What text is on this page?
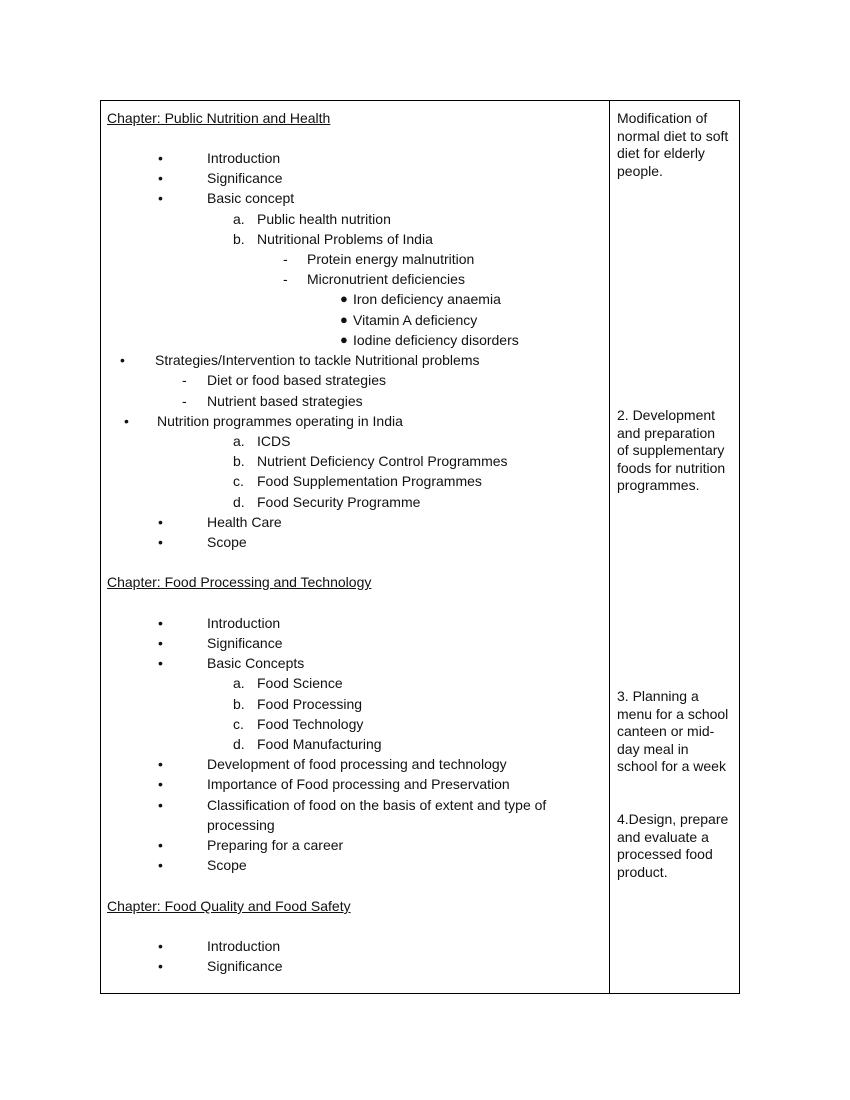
Chapter: Public Nutrition and Health
•	Introduction
•	Significance
•	Basic concept
a. Public health nutrition
b. Nutritional Problems of India
- Protein energy malnutrition
- Micronutrient deficiencies
● Iron deficiency anaemia
● Vitamin A deficiency
● Iodine deficiency disorders
• Strategies/Intervention to tackle Nutritional problems
- Diet or food based strategies
- Nutrient based strategies
• Nutrition programmes operating in India
a. ICDS
b. Nutrient Deficiency Control Programmes
c. Food Supplementation Programmes
d. Food Security Programme
•	Health Care
•	Scope
Chapter: Food Processing and Technology
•	Introduction
•	Significance
•	Basic Concepts
a. Food Science
b. Food Processing
c. Food Technology
d. Food Manufacturing
•	Development of food processing and technology
•	Importance of Food processing and Preservation
•	Classification of food on the basis of extent and type of
processing
•	Preparing for a career
•	Scope
Chapter: Food Quality and Food Safety
•	Introduction
•	Significance
Modification of normal diet to soft diet for elderly people.
2. Development and preparation of supplementary foods for nutrition programmes.
3. Planning a menu for a school canteen or mid-day meal in school for a week
4.Design, prepare and evaluate a processed food product.
